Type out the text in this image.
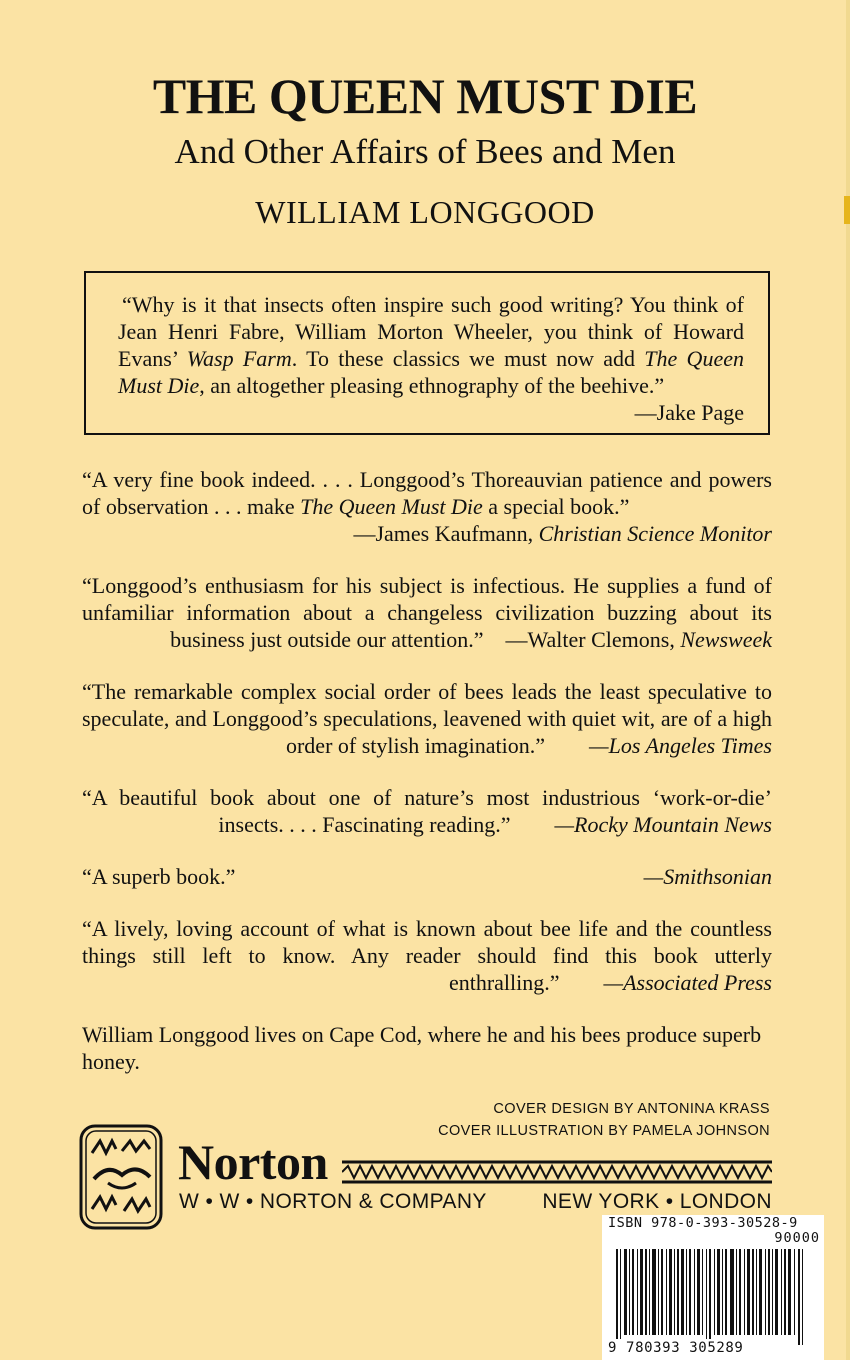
THE QUEEN MUST DIE
And Other Affairs of Bees and Men
WILLIAM LONGGOOD
“Why is it that insects often inspire such good writing? You think of Jean Henri Fabre, William Morton Wheeler, you think of Howard Evans’ Wasp Farm. To these classics we must now add The Queen Must Die, an altogether pleasing ethnography of the beehive.”
—Jake Page
“A very fine book indeed. . . . Longgood’s Thoreauvian patience and powers of observation . . . make The Queen Must Die a special book.”
—James Kaufmann, Christian Science Monitor
“Longgood’s enthusiasm for his subject is infectious. He supplies a fund of unfamiliar information about a changeless civilization buzzing about its business just outside our attention.” —Walter Clemons, Newsweek
“The remarkable complex social order of bees leads the least speculative to speculate, and Longgood’s speculations, leavened with quiet wit, are of a high order of stylish imagination.” —Los Angeles Times
“A beautiful book about one of nature’s most industrious ‘work-or-die’ insects. . . . Fascinating reading.” —Rocky Mountain News
“A superb book.”	—Smithsonian
“A lively, loving account of what is known about bee life and the countless things still left to know. Any reader should find this book utterly enthralling.” —Associated Press
William Longgood lives on Cape Cod, where he and his bees produce superb honey.
COVER DESIGN BY ANTONINA KRASS
COVER ILLUSTRATION BY PAMELA JOHNSON
Norton
W • W • NORTON & COMPANY	NEW YORK • LONDON
ISBN 978-0-393-30528-9
90000
9 780393 305289
